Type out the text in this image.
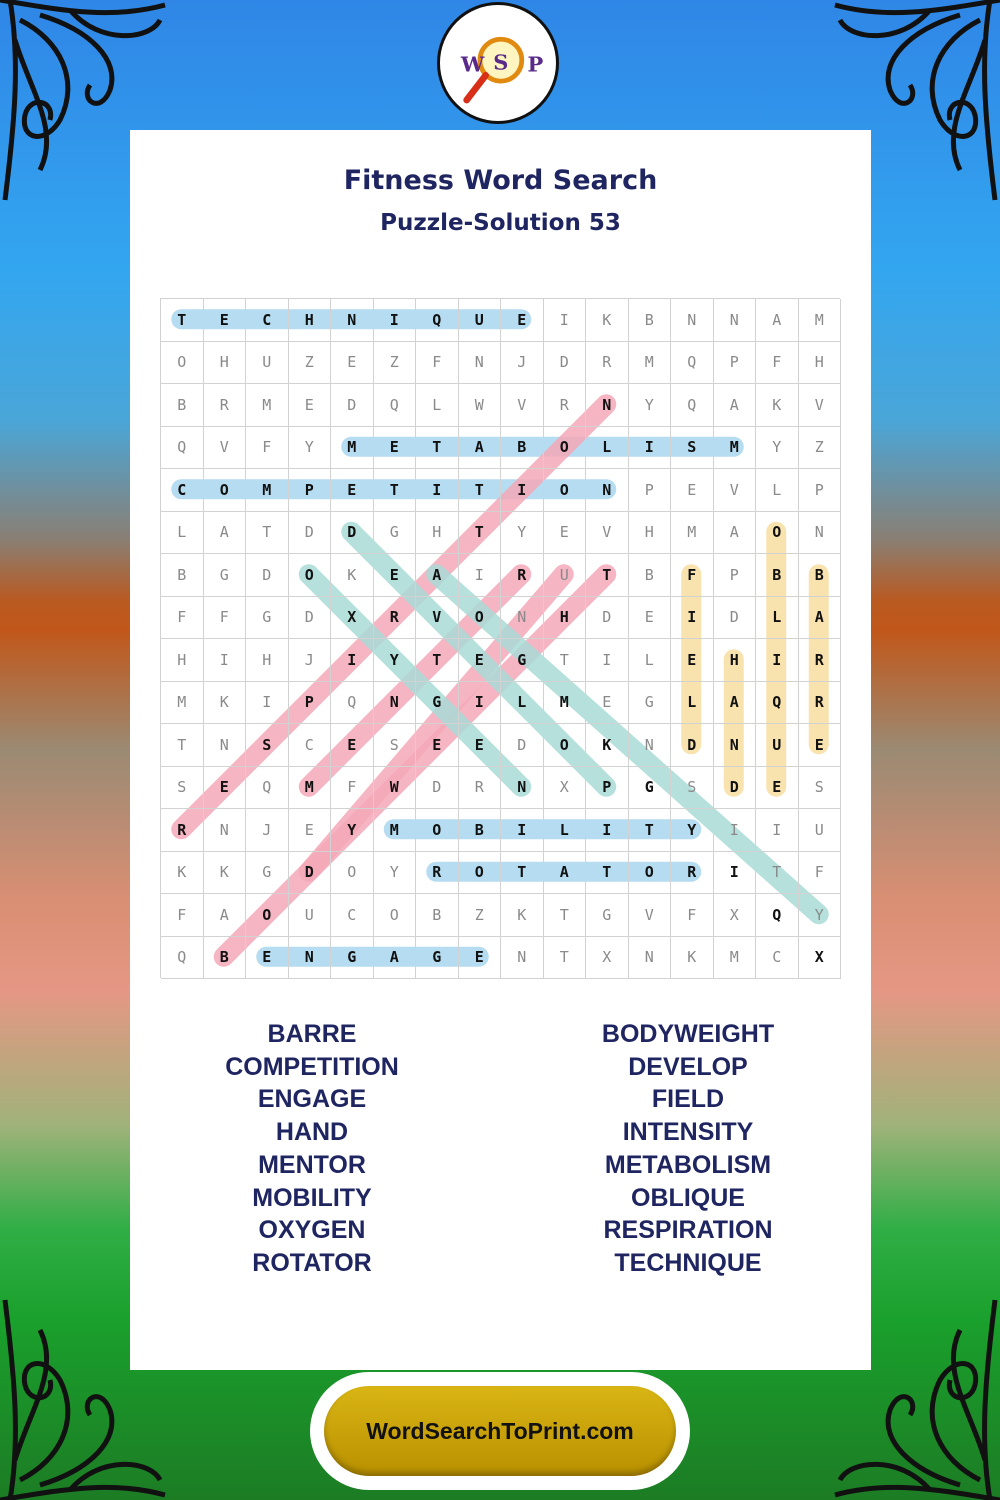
W S P
Fitness Word Search
Puzzle-Solution 53
T	E	C	H	N	I	Q	U	E	I	K	B	N	N	A	M
O	H	U	Z	E	Z	F	N	J	D	R	M	Q	P	F	H
B	R	M	E	D	Q	L	W	V	R	N	Y	Q	A	K	V
Q	V	F	Y	M	E	T	A	B	O	L	I	S	M	Y	Z
C	O	M	P	E	T	I	T	I	O	N	P	E	V	L	P
L	A	T	D	D	G	H	T	Y	E	V	H	M	A	O	N
B	G	D	O	K	E	A	I	R	U	T	B	F	P	B	B
F	F	G	D	X	R	V	O	N	H	D	E	I	D	L	A
H	I	H	J	I	Y	T	E	G	T	I	L	E	H	I	R
M	K	I	P	Q	N	G	I	L	M	E	G	L	A	Q	R
T	N	S	C	E	S	E	E	D	O	K	N	D	N	U	E
S	E	Q	M	F	W	D	R	N	X	P	G	S	D	E	S
R	N	J	E	Y	M	O	B	I	L	I	T	Y	I	I	U
K	K	G	D	O	Y	R	O	T	A	T	O	R	I	T	F
F	A	O	U	C	O	B	Z	K	T	G	V	F	X	Q	Y
Q	B	E	N	G	A	G	E	N	T	X	N	K	M	C	X
BARRE
COMPETITION
ENGAGE
HAND
MENTOR
MOBILITY
OXYGEN
ROTATOR
BODYWEIGHT
DEVELOP
FIELD
INTENSITY
METABOLISM
OBLIQUE
RESPIRATION
TECHNIQUE
WordSearchToPrint.com
